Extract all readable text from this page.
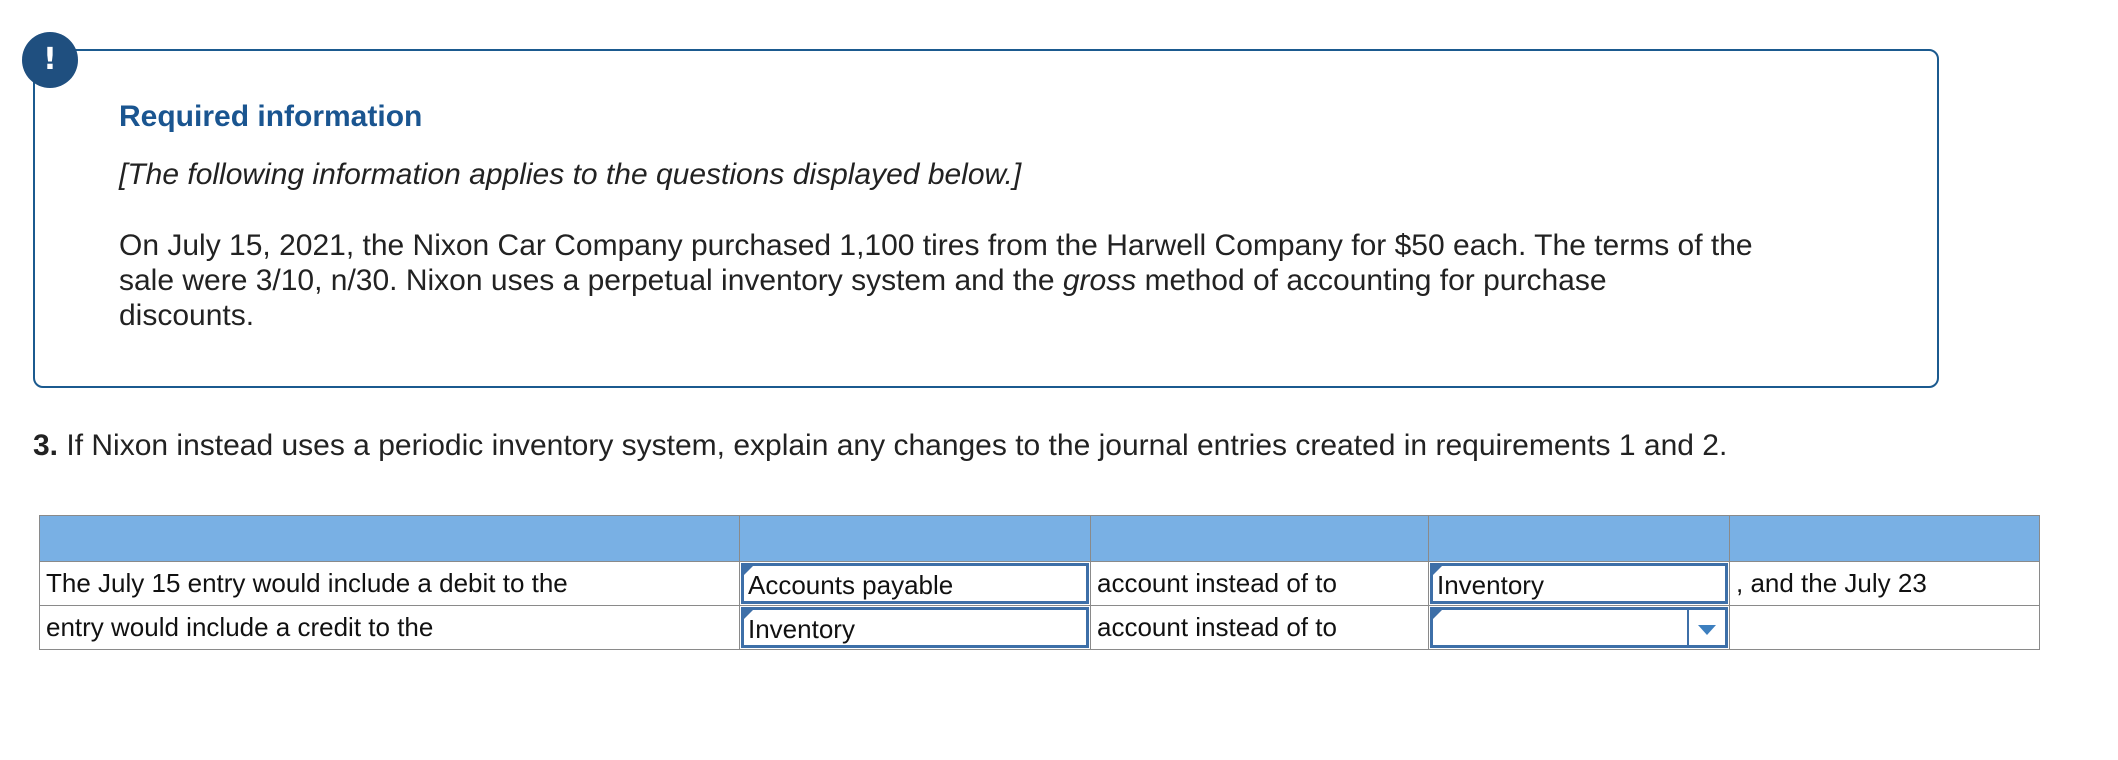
!

Required information

[The following information applies to the questions displayed below.]

On July 15, 2021, the Nixon Car Company purchased 1,100 tires from the Harwell Company for $50 each. The terms of the
sale were 3/10, n/30. Nixon uses a perpetual inventory system and the gross method of accounting for purchase
discounts.

3. If Nixon instead uses a periodic inventory system, explain any changes to the journal entries created in requirements 1 and 2.

The July 15 entry would include a debit to the	Accounts payable	account instead of to	Inventory	, and the July 23
entry would include a credit to the	Inventory	account instead of to	
